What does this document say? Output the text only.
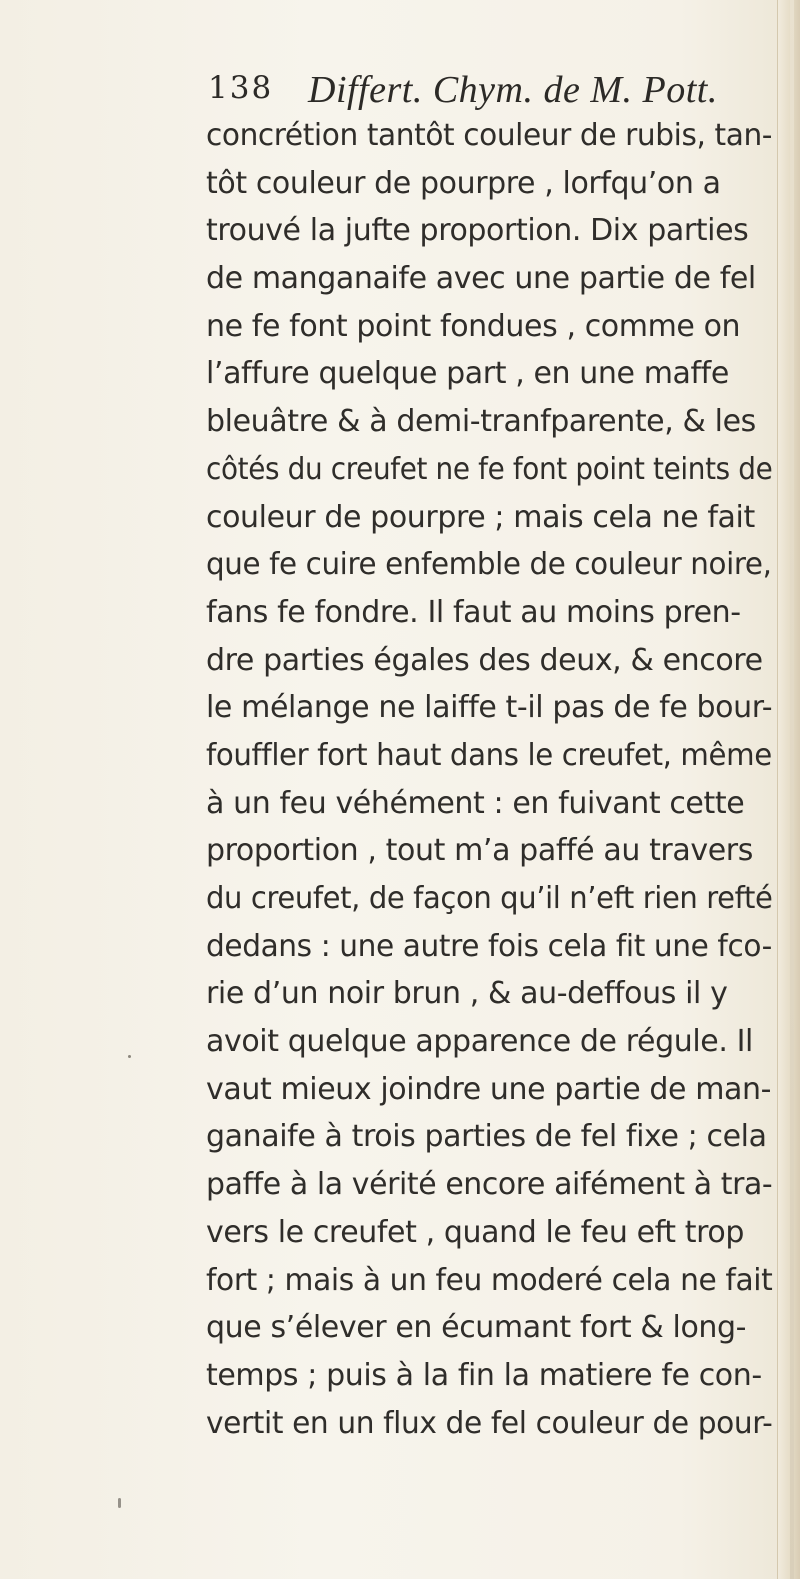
138 Differt. Chym. de M. Pott.
concrétion tantôt couleur de rubis, tan-
tôt couleur de pourpre , lorfqu’on a
trouvé la jufte proportion. Dix parties
de manganaife avec une partie de fel
ne fe font point fondues , comme on
l’affure quelque part , en une maffe
bleuâtre & à demi-tranfparente, & les
côtés du creufet ne fe font point teints de
couleur de pourpre ; mais cela ne fait
que fe cuire enfemble de couleur noire,
fans fe fondre. Il faut au moins pren-
dre parties égales des deux, & encore
le mélange ne laiffe t-il pas de fe bour-
fouffler fort haut dans le creufet, même
à un feu véhément : en fuivant cette
proportion , tout m’a paffé au travers
du creufet, de façon qu’il n’eft rien refté
dedans : une autre fois cela fit une fco-
rie d’un noir brun , & au-deffous il y
avoit quelque apparence de régule. Il
vaut mieux joindre une partie de man-
ganaife à trois parties de fel fixe ; cela
paffe à la vérité encore aifément à tra-
vers le creufet , quand le feu eft trop
fort ; mais à un feu moderé cela ne fait
que s’élever en écumant fort & long-
temps ; puis à la fin la matiere fe con-
vertit en un flux de fel couleur de pour-
